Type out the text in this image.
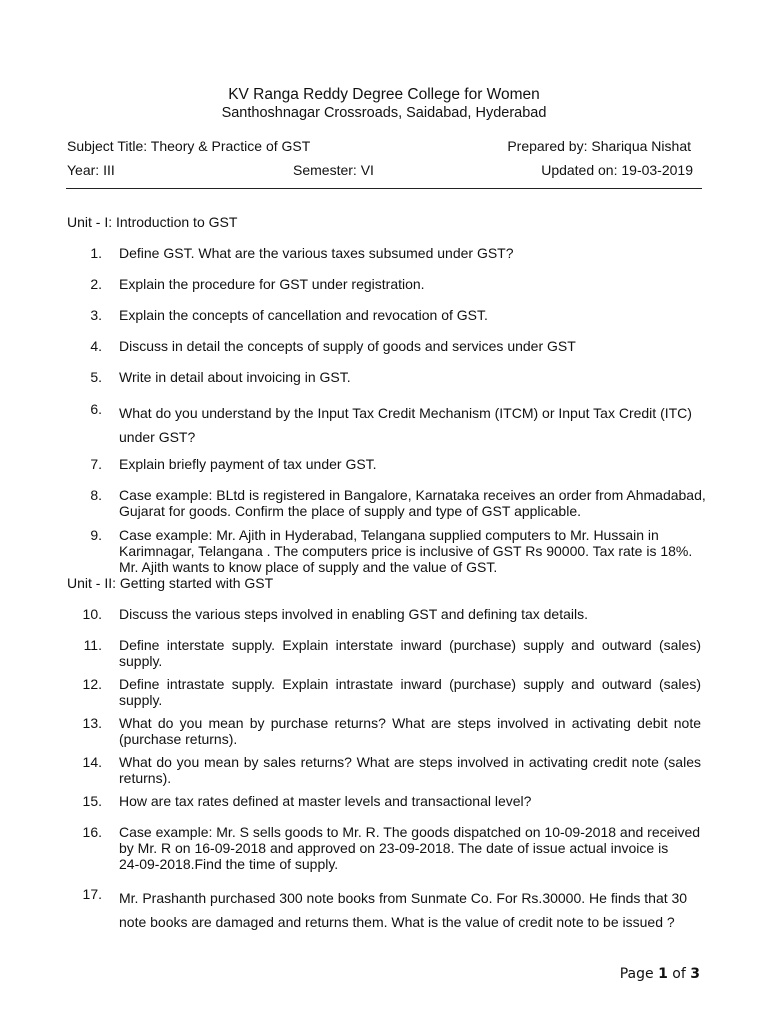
KV Ranga Reddy Degree College for Women
Santhoshnagar Crossroads, Saidabad, Hyderabad
Subject Title: Theory & Practice of GST	Prepared by: Shariqua Nishat
Year: III	Semester: VI	Updated on: 19-03-2019
Unit - I: Introduction to GST
Unit - II: Getting started with GST
1. Define GST. What are the various taxes subsumed under GST?
2. Explain the procedure for GST under registration.
3. Explain the concepts of cancellation and revocation of GST.
4. Discuss in detail the concepts of supply of goods and services under GST
5. Write in detail about invoicing in GST.
6. What do you understand by the Input Tax Credit Mechanism (ITCM) or Input Tax Credit (ITC)
under GST?
7. Explain briefly payment of tax under GST.
8. Case example: BLtd is registered in Bangalore, Karnataka receives an order from Ahmadabad,
Gujarat for goods. Confirm the place of supply and type of GST applicable.
9. Case example: Mr. Ajith in Hyderabad, Telangana supplied computers to Mr. Hussain in
Karimnagar, Telangana . The computers price is inclusive of GST Rs 90000. Tax rate is 18%.
Mr. Ajith wants to know place of supply and the value of GST.
10. Discuss the various steps involved in enabling GST and defining tax details.
11. Define interstate supply. Explain interstate inward (purchase) supply and outward (sales)
supply.
12. Define intrastate supply. Explain intrastate inward (purchase) supply and outward (sales)
supply.
13. What do you mean by purchase returns? What are steps involved in activating debit note
(purchase returns).
14. What do you mean by sales returns? What are steps involved in activating credit note (sales
returns).
15. How are tax rates defined at master levels and transactional level?
16. Case example: Mr. S sells goods to Mr. R. The goods dispatched on 10-09-2018 and received
by Mr. R on 16-09-2018 and approved on 23-09-2018. The date of issue actual invoice is
24-09-2018.Find the time of supply.
17. Mr. Prashanth purchased 300 note books from Sunmate Co. For Rs.30000. He finds that 30
note books are damaged and returns them. What is the value of credit note to be issued ?
Page 1 of 3
